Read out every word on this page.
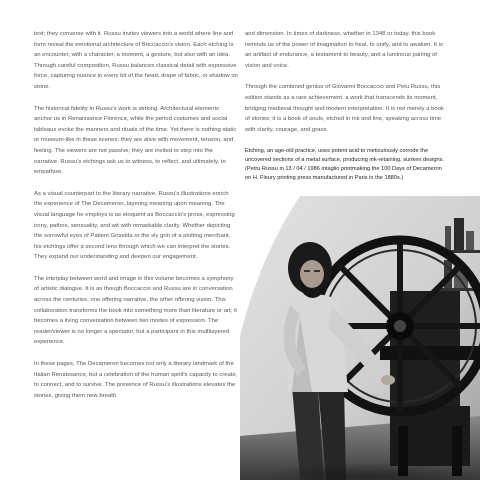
text; they converse with it. Russu invites viewers into a world where line and form reveal the emotional architecture of Boccaccio's vision. Each etching is an encounter, with a character, a moment, a gesture, but also with an idea. Through careful composition, Russu balances classical detail with expressive force, capturing nuance in every bit of the head, drape of fabric, or shadow on stone.

The historical fidelity in Russu's work is striking. Architectural elements anchor us in Renaissance Florence, while the period costumes and social tableaux evoke the manners and rituals of the time. Yet there is nothing static or museum-like in these scenes; they are alive with movement, tension, and feeling. The viewers are not passive; they are invited to step into the narrative. Russu's etchings ask us to witness, to reflect, and ultimately, to empathize.

As a visual counterpart to the literary narrative, Russu's illustrations enrich the experience of The Decameron, layering meaning upon meaning. The visual language he employs is as eloquent as Boccaccio's prose, expressing irony, pathos, sensuality, and wit with remarkable clarity. Whether depicting the sorrowful eyes of Patient Griselda or the sly grin of a plotting merchant, his etchings offer a second lens through which we can interpret the stories. They expand our understanding and deepen our engagement.

The interplay between word and image in this volume becomes a symphony of artistic dialogue. It is as though Boccaccio and Russu are in conversation across the centuries, one offering narrative, the other offering vision. This collaboration transforms the book into something more than literature or art; it becomes a living conversation between two modes of expression. The reader/viewer is no longer a spectator, but a participant in this multilayered experience.

In these pages, The Decameron becomes not only a literary landmark of the Italian Renaissance, but a celebration of the human spirit's capacity to create, to connect, and to survive. The presence of Russu's illustrations elevates the stories, giving them new breath

and dimension. In times of darkness, whether in 1348 or today, this book reminds us of the power of imagination to heal, to unify, and to awaken. It is an artifact of endurance, a testament to beauty, and a luminous pairing of vision and voice.

Through the combined genius of Giovanni Boccaccio and Petu Russu, this edition stands as a rare achievement, a work that transcends its moment, bridging medieval thought and modern interpretation. It is not merely a book of stories; it is a book of souls, etched in ink and line, speaking across time with clarity, courage, and grace.

Etching, an age-old practice, uses potent acid to meticulously corrode the uncovered sections of a metal surface, producing ink-retaining, sunken designs. (Petru Russu in 13 / 04 / 1986 intaglio printmaking the 100 Days of Decameron on H. Fleury printing press manufactured in Paris in the 1880s.)
